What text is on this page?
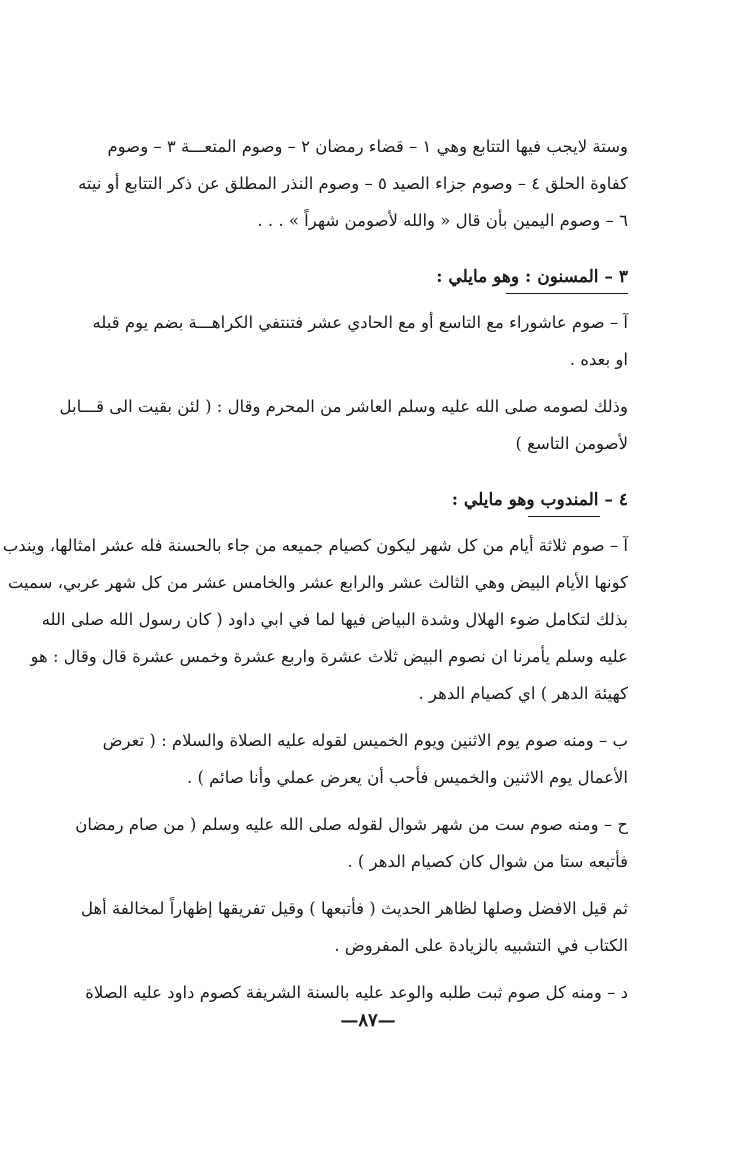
وستة لايجب فيها التتابع وهي ١ – قضاء رمضان ٢ – وصوم المتعـــة ٣ – وصوم
كفاوة الحلق ٤ – وصوم جزاء الصيد ٥ – وصوم النذر المطلق عن ذكر التتابع أو نيته
٦ – وصوم اليمين بأن قال « والله لأصومن شهراً » . . .
٣ – المسنون : وهو مايلي :
آ – صوم عاشوراء مع التاسع أو مع الحادي عشر فتنتفي الكراهـــة بضم يوم قبله
او بعده .
وذلك لصومه صلى الله عليه وسلم العاشر من المحرم وقال : ( لئن بقيت الى قـــابل
لأصومن التاسع )
٤ – المندوب وهو مايلي :
آ – صوم ثلاثة أيام من كل شهر ليكون كصيام جميعه من جاء بالحسنة فله عشر امثالها، ويندب
كونها الأيام البيض وهي الثالث عشر والرابع عشر والخامس عشر من كل شهر عربي، سميت
بذلك لتكامل ضوء الهلال وشدة البياض فيها لما في ابي داود ( كان رسول الله صلى الله
عليه وسلم يأمرنا ان نصوم البيض ثلاث عشرة واربع عشرة وخمس عشرة قال وقال : هو
كهيئة الدهر ) اي كصيام الدهر .
ب – ومنه صوم يوم الاثنين ويوم الخميس لقوله عليه الصلاة والسلام : ( تعرض
الأعمال يوم الاثنين والخميس فأحب أن يعرض عملي وأنا صائم ) .
ح – ومنه صوم ست من شهر شوال لقوله صلى الله عليه وسلم ( من صام رمضان
فأتبعه ستا من شوال كان كصيام الدهر ) .
ثم قيل الافضل وصلها لظاهر الحديث ( فأتبعها ) وقيل تفريقها إظهاراً لمخالفة أهل
الكتاب في التشبيه بالزيادة على المفروض .
د – ومنه كل صوم ثبت طلبه والوعد عليه بالسنة الشريفة كصوم داود عليه الصلاة
—٨٧—
